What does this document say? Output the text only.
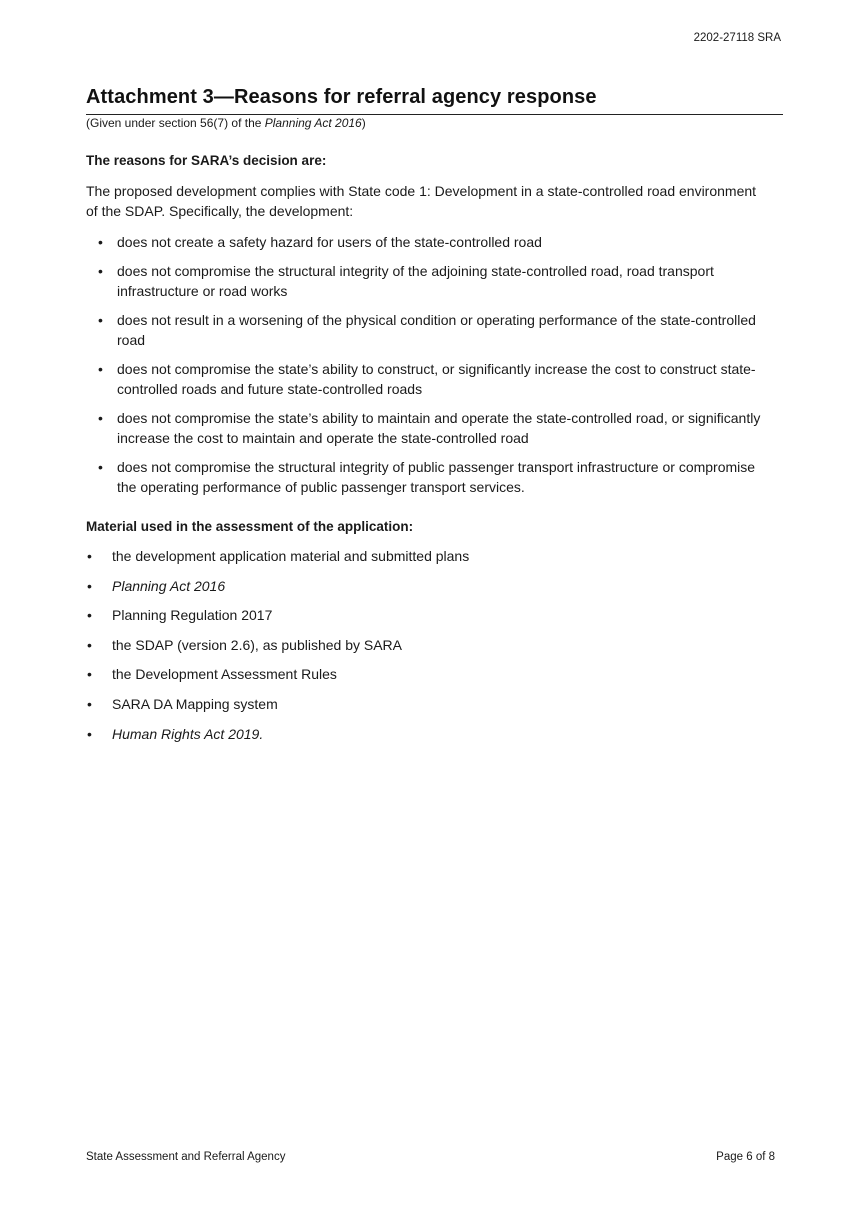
2202-27118 SRA
Attachment 3—Reasons for referral agency response
(Given under section 56(7) of the Planning Act 2016)

The reasons for SARA’s decision are:

The proposed development complies with State code 1: Development in a state-controlled road environment of the SDAP. Specifically, the development:

• does not create a safety hazard for users of the state-controlled road
• does not compromise the structural integrity of the adjoining state-controlled road, road transport infrastructure or road works
• does not result in a worsening of the physical condition or operating performance of the state-controlled road
• does not compromise the state’s ability to construct, or significantly increase the cost to construct state-controlled roads and future state-controlled roads
• does not compromise the state’s ability to maintain and operate the state-controlled road, or significantly increase the cost to maintain and operate the state-controlled road
• does not compromise the structural integrity of public passenger transport infrastructure or compromise the operating performance of public passenger transport services.

Material used in the assessment of the application:

• the development application material and submitted plans
• Planning Act 2016
• Planning Regulation 2017
• the SDAP (version 2.6), as published by SARA
• the Development Assessment Rules
• SARA DA Mapping system
• Human Rights Act 2019.
State Assessment and Referral Agency	Page 6 of 8
